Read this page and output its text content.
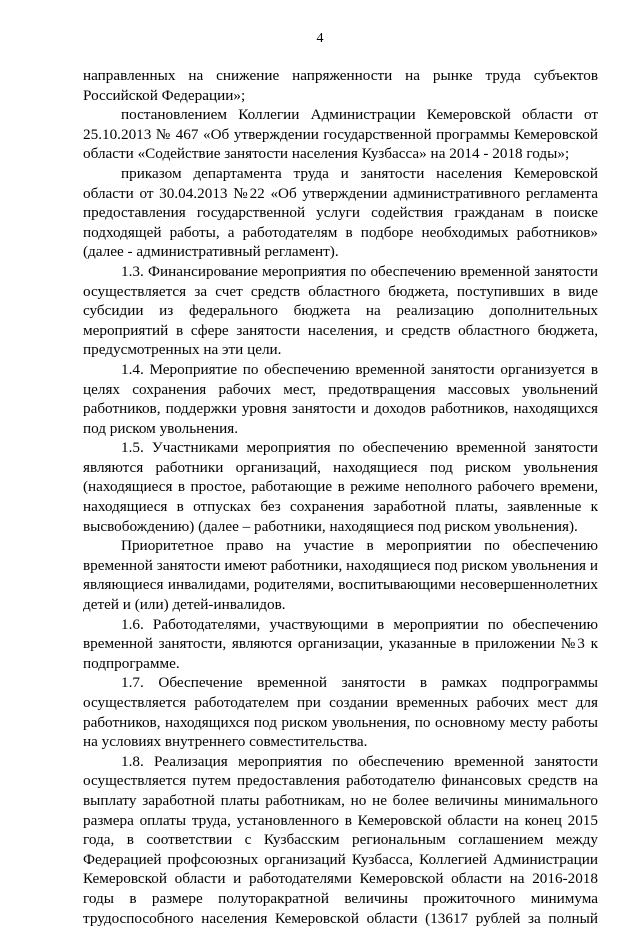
4

направленных на снижение напряженности на рынке труда субъектов Российской Федерации»;

постановлением Коллегии Администрации Кемеровской области от 25.10.2013 № 467 «Об утверждении государственной программы Кемеровской области «Содействие занятости населения Кузбасса» на 2014 - 2018 годы»;

приказом департамента труда и занятости населения Кемеровской области от 30.04.2013 №22 «Об утверждении административного регламента предоставления государственной услуги содействия гражданам в поиске подходящей работы, а работодателям в подборе необходимых работников» (далее - административный регламент).

1.3. Финансирование мероприятия по обеспечению временной занятости осуществляется за счет средств областного бюджета, поступивших в виде субсидии из федерального бюджета на реализацию дополнительных мероприятий в сфере занятости населения, и средств областного бюджета, предусмотренных на эти цели.

1.4. Мероприятие по обеспечению временной занятости организуется в целях сохранения рабочих мест, предотвращения массовых увольнений работников, поддержки уровня занятости и доходов работников, находящихся под риском увольнения.

1.5. Участниками мероприятия по обеспечению временной занятости являются работники организаций, находящиеся под риском увольнения (находящиеся в простое, работающие в режиме неполного рабочего времени, находящиеся в отпусках без сохранения заработной платы, заявленные к высвобождению) (далее – работники, находящиеся под риском увольнения).

Приоритетное право на участие в мероприятии по обеспечению временной занятости имеют работники, находящиеся под риском увольнения и являющиеся инвалидами, родителями, воспитывающими несовершеннолетних детей и (или) детей-инвалидов.

1.6. Работодателями, участвующими в мероприятии по обеспечению временной занятости, являются организации, указанные в приложении №3 к подпрограмме.

1.7. Обеспечение временной занятости в рамках подпрограммы осуществляется работодателем при создании временных рабочих мест для работников, находящихся под риском увольнения, по основному месту работы на условиях внутреннего совместительства.

1.8. Реализация мероприятия по обеспечению временной занятости осуществляется путем предоставления работодателю финансовых средств на выплату заработной платы работникам, но не более величины минимального размера оплаты труда, установленного в Кемеровской области на конец 2015 года, в соответствии с Кузбасским региональным соглашением между Федерацией профсоюзных организаций Кузбасса, Коллегией Администрации Кемеровской области и работодателями Кемеровской области на 2016-2018 годы в размере полуторакратной величины прожиточного минимума трудоспособного населения Кемеровской области (13617 рублей за полный
